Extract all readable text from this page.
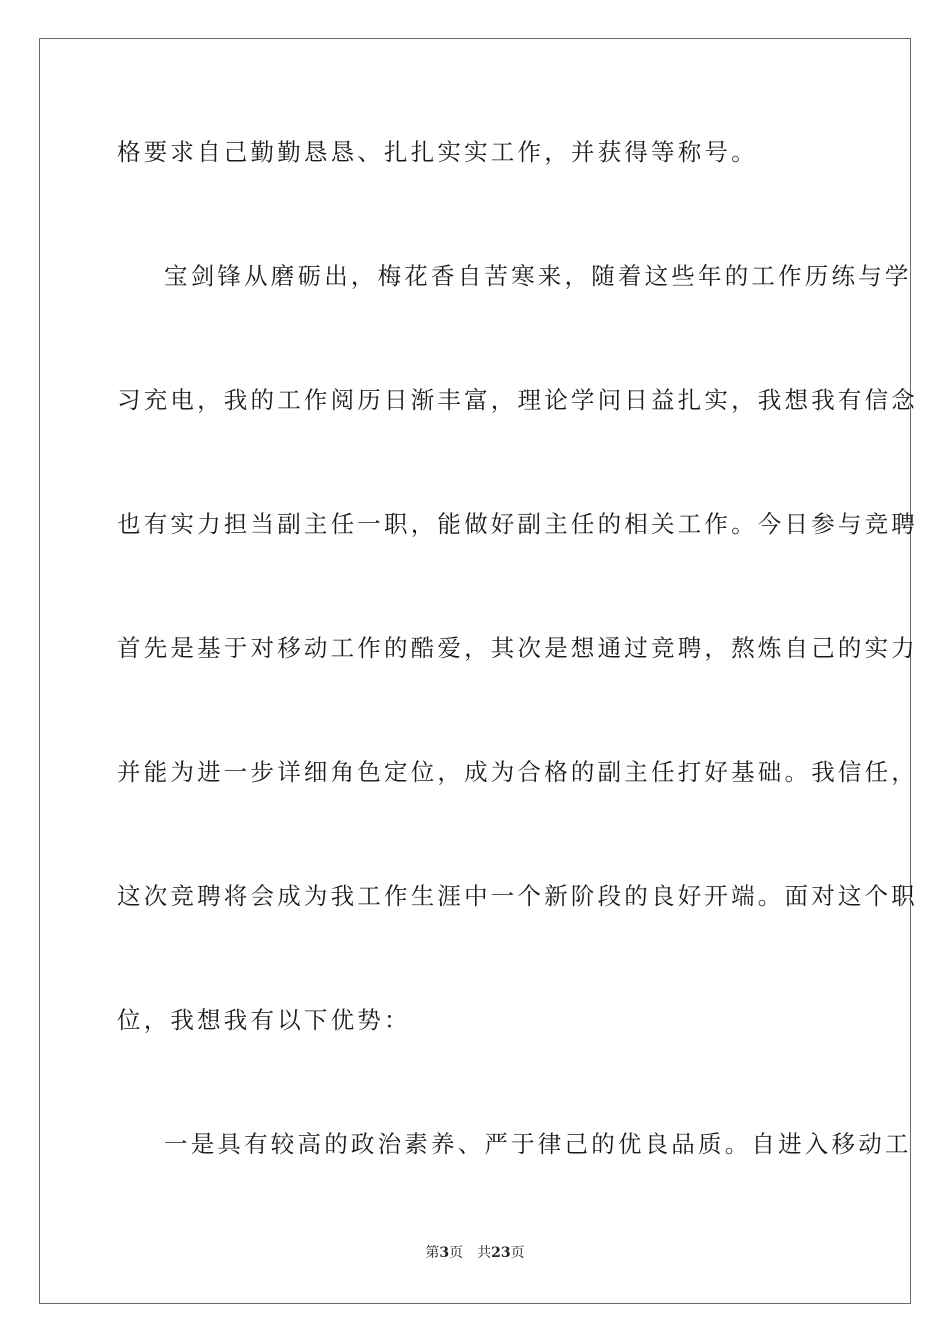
格要求自己勤勤恳恳、扎扎实实工作，并获得等称号。
宝剑锋从磨砺出，梅花香自苦寒来，随着这些年的工作历练与学
习充电，我的工作阅历日渐丰富，理论学问日益扎实，我想我有信念
也有实力担当副主任一职，能做好副主任的相关工作。今日参与竞聘
首先是基于对移动工作的酷爱，其次是想通过竞聘，熬炼自己的实力
并能为进一步详细角色定位，成为合格的副主任打好基础。我信任，
这次竞聘将会成为我工作生涯中一个新阶段的良好开端。面对这个职
位，我想我有以下优势：
一是具有较高的政治素养、严于律己的优良品质。自进入移动工
第3页 共23页
